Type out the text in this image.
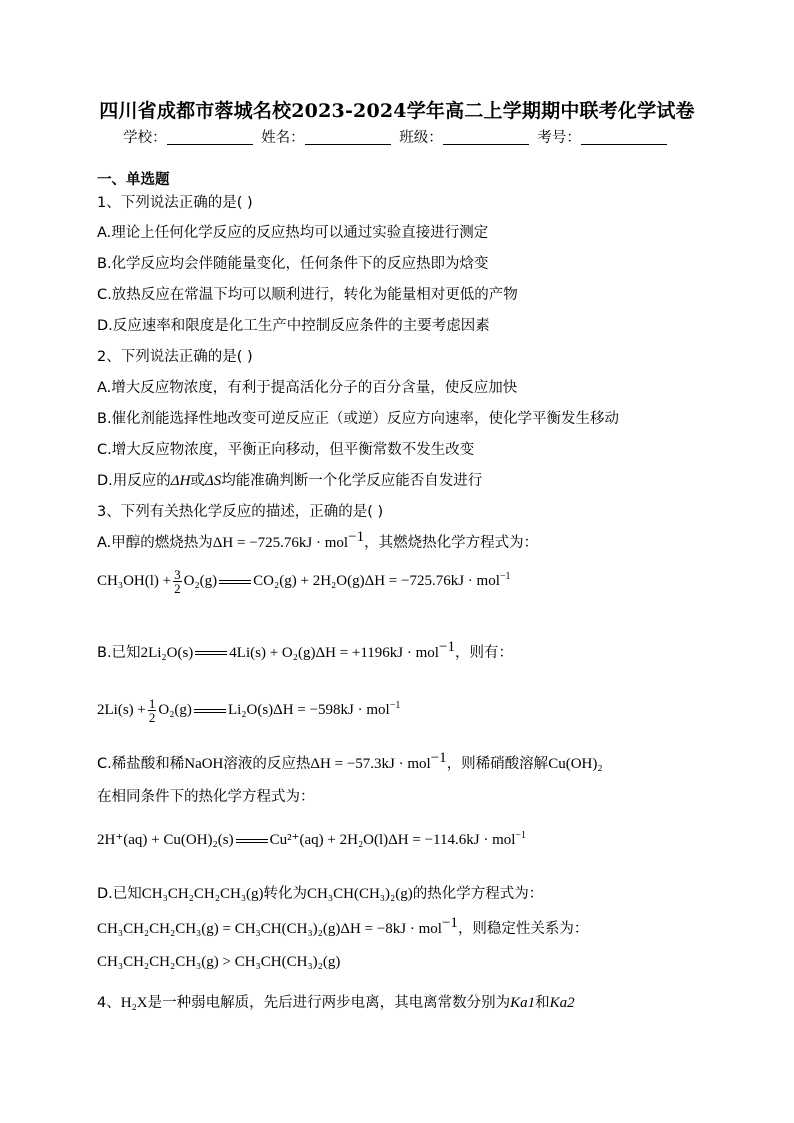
四川省成都市蓉城名校2023-2024学年高二上学期期中联考化学试卷
学校：	姓名：	班级：	考号：
一、单选题
1、下列说法正确的是( )
A.理论上任何化学反应的反应热均可以通过实验直接进行测定
B.化学反应均会伴随能量变化，任何条件下的反应热即为焓变
C.放热反应在常温下均可以顺利进行，转化为能量相对更低的产物
D.反应速率和限度是化工生产中控制反应条件的主要考虑因素
2、下列说法正确的是( )
A.增大反应物浓度，有利于提高活化分子的百分含量，使反应加快
B.催化剂能选择性地改变可逆反应正（或逆）反应方向速率，使化学平衡发生移动
C.增大反应物浓度，平衡正向移动，但平衡常数不发生改变
D.用反应的ΔH或ΔS均能准确判断一个化学反应能否自发进行
3、下列有关热化学反应的描述，正确的是( )
A.甲醇的燃烧热为ΔH = −725.76kJ · mol$^{-1}$，其燃烧热化学方程式为：
$CH_3OH(l) + \frac{3}{2} O_2(g) CO_2(g) + 2H_2O(g)\Delta H = -725.76kJ \cdot mol^{-1}$
B.已知2Li₂O(s) 4Li(s) + O₂(g)ΔH = +1196kJ · mol$^{-1}$，则有：
$2Li(s) + \frac{1}{2} O_2(g) Li_2O(s)\Delta H = -598kJ \cdot mol^{-1}$
C.稀盐酸和稀NaOH溶液的反应热ΔH = −57.3kJ · mol$^{-1}$，则稀硝酸溶解Cu(OH)₂
在相同条件下的热化学方程式为：
2H⁺(aq) + Cu(OH)₂(s) Cu²⁺(aq) + 2H₂O(l)ΔH = −114.6kJ · mol$^{-1}$
D.已知CH₃CH₂CH₂CH₃(g)转化为CH₃CH(CH₃)₂(g)的热化学方程式为：
CH₃CH₂CH₂CH₃(g) = CH₃CH(CH₃)₂(g)ΔH = −8kJ · mol$^{-1}$，则稳定性关系为：
CH₃CH₂CH₂CH₃(g) > CH₃CH(CH₃)₂(g)
4、H₂X是一种弱电解质，先后进行两步电离，其电离常数分别为Ka1和Ka2
